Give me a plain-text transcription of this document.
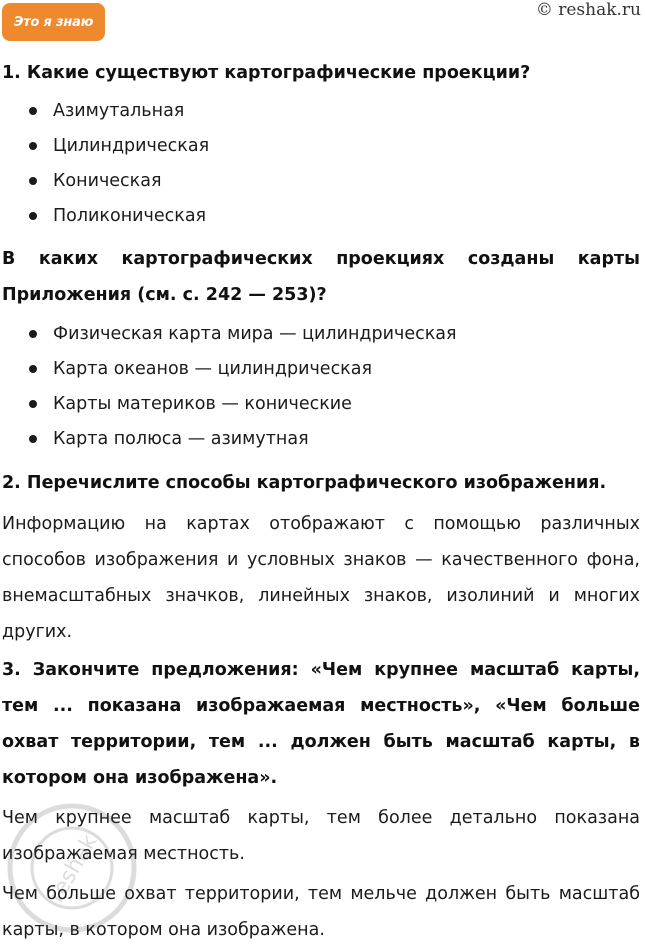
Это я знаю
© reshak.ru
1. Какие существуют картографические проекции?
Азимутальная
Цилиндрическая
Коническая
Поликоническая
В каких картографических проекциях созданы карты Приложения (см. с. 242 — 253)?
Физическая карта мира — цилиндрическая
Карта океанов — цилиндрическая
Карты материков — конические
Карта полюса — азимутная
2. Перечислите способы картографического изображения.
Информацию на картах отображают с помощью различных способов изображения и условных знаков — качественного фона, внемасштабных значков, линейных знаков, изолиний и многих других.
3. Закончите предложения: «Чем крупнее масштаб карты, тем ... показана изображаемая местность», «Чем больше охват территории, тем ... должен быть масштаб карты, в котором она изображена».
Чем крупнее масштаб карты, тем более детально показана изображаемая местность.
Чем больше охват территории, тем мельче должен быть масштаб карты, в котором она изображена.
reshak
